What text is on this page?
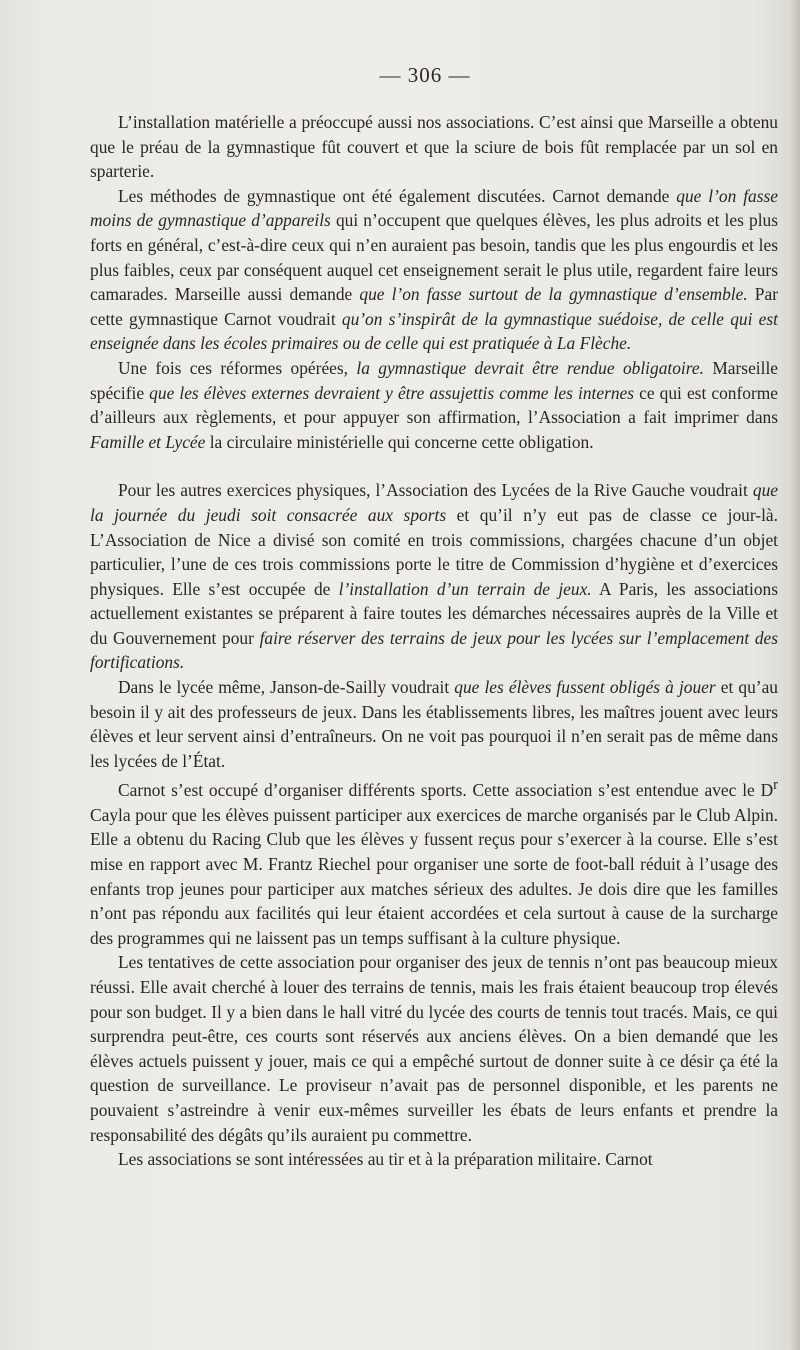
— 306 —

L’installation matérielle a préoccupé aussi nos associations. C’est ainsi que Marseille a obtenu que le préau de la gymnastique fût couvert et que la sciure de bois fût remplacée par un sol en sparterie.

Les méthodes de gymnastique ont été également discutées. Carnot demande que l’on fasse moins de gymnastique d’appareils qui n’occupent que quelques élèves, les plus adroits et les plus forts en général, c’est-à-dire ceux qui n’en auraient pas besoin, tandis que les plus engourdis et les plus faibles, ceux par conséquent auquel cet enseignement serait le plus utile, regardent faire leurs camarades. Marseille aussi demande que l’on fasse surtout de la gymnastique d’ensemble. Par cette gymnastique Carnot voudrait qu’on s’inspirât de la gymnastique suédoise, de celle qui est enseignée dans les écoles primaires ou de celle qui est pratiquée à La Flèche.

Une fois ces réformes opérées, la gymnastique devrait être rendue obligatoire. Marseille spécifie que les élèves externes devraient y être assujettis comme les internes ce qui est conforme d’ailleurs aux règlements, et pour appuyer son affirmation, l’Association a fait imprimer dans Famille et Lycée la circulaire ministérielle qui concerne cette obligation.

Pour les autres exercices physiques, l’Association des Lycées de la Rive Gauche voudrait que la journée du jeudi soit consacrée aux sports et qu’il n’y eut pas de classe ce jour-là. L’Association de Nice a divisé son comité en trois commissions, chargées chacune d’un objet particulier, l’une de ces trois commissions porte le titre de Commission d’hygiène et d’exercices physiques. Elle s’est occupée de l’installation d’un terrain de jeux. A Paris, les associations actuellement existantes se préparent à faire toutes les démarches nécessaires auprès de la Ville et du Gouvernement pour faire réserver des terrains de jeux pour les lycées sur l’emplacement des fortifications.

Dans le lycée même, Janson-de-Sailly voudrait que les élèves fussent obligés à jouer et qu’au besoin il y ait des professeurs de jeux. Dans les établissements libres, les maîtres jouent avec leurs élèves et leur servent ainsi d’entraîneurs. On ne voit pas pourquoi il n’en serait pas de même dans les lycées de l’État.

Carnot s’est occupé d’organiser différents sports. Cette association s’est entendue avec le $D^r$ Cayla pour que les élèves puissent participer aux exercices de marche organisés par le Club Alpin. Elle a obtenu du Racing Club que les élèves y fussent reçus pour s’exercer à la course. Elle s’est mise en rapport avec M. Frantz Riechel pour organiser une sorte de foot-ball réduit à l’usage des enfants trop jeunes pour participer aux matches sérieux des adultes. Je dois dire que les familles n’ont pas répondu aux facilités qui leur étaient accordées et cela surtout à cause de la surcharge des programmes qui ne laissent pas un temps suffisant à la culture physique.

Les tentatives de cette association pour organiser des jeux de tennis n’ont pas beaucoup mieux réussi. Elle avait cherché à louer des terrains de tennis, mais les frais étaient beaucoup trop élevés pour son budget. Il y a bien dans le hall vitré du lycée des courts de tennis tout tracés. Mais, ce qui surprendra peut-être, ces courts sont réservés aux anciens élèves. On a bien demandé que les élèves actuels puissent y jouer, mais ce qui a empêché surtout de donner suite à ce désir ça été la question de surveillance. Le proviseur n’avait pas de personnel disponible, et les parents ne pouvaient s’astreindre à venir eux-mêmes surveiller les ébats de leurs enfants et prendre la responsabilité des dégâts qu’ils auraient pu commettre.

Les associations se sont intéressées au tir et à la préparation militaire. Carnot
